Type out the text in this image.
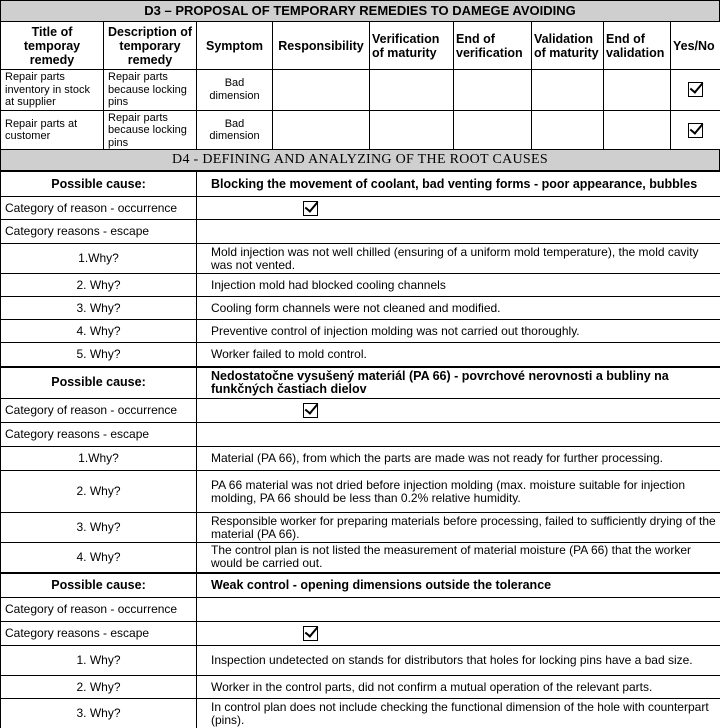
D3 – PROPOSAL OF TEMPORARY REMEDIES TO DAMEGE AVOIDING
Title of temporay remedy	Description of temporary remedy	Symptom	Responsibility	Verification of maturity	End of verification	Validation of maturity	End of validation	Yes/No
Repair parts inventory in stock at supplier	Repair parts because locking pins	Bad dimension						
Repair parts at customer	Repair parts because locking pins	Bad dimension						
D4 - DEFINING AND ANALYZING OF THE ROOT CAUSES
Possible cause:	Blocking the movement of coolant, bad venting forms - poor appearance, bubbles
Category of reason - occurrence	
Category reasons - escape	
1.Why?	Mold injection was not well chilled (ensuring of a uniform mold temperature), the mold cavity was not vented.
2. Why?	Injection mold had blocked cooling channels
3. Why?	Cooling form channels were not cleaned and modified.
4. Why?	Preventive control of injection molding was not carried out thoroughly.
5. Why?	Worker failed to mold control.
Possible cause:	Nedostatočne vysušený materiál (PA 66) - povrchové nerovnosti a bubliny na funkčných častiach dielov
Category of reason - occurrence	
Category reasons - escape	
1.Why?	Material (PA 66), from which the parts are made was not ready for further processing.
2. Why?	PA 66 material was not dried before injection molding (max. moisture suitable for injection molding, PA 66 should be less than 0.2% relative humidity.
3. Why?	Responsible worker for preparing materials before processing, failed to sufficiently drying of the material (PA 66).
4. Why?	The control plan is not listed the measurement of material moisture (PA 66) that the worker would be carried out.
Possible cause:	Weak control - opening dimensions outside the tolerance
Category of reason - occurrence	
Category reasons - escape	
1. Why?	Inspection undetected on stands for distributors that holes for locking pins have a bad size.
2. Why?	Worker in the control parts, did not confirm a mutual operation of the relevant parts.
3. Why?	In control plan does not include checking the functional dimension of the hole with counterpart (pins).
